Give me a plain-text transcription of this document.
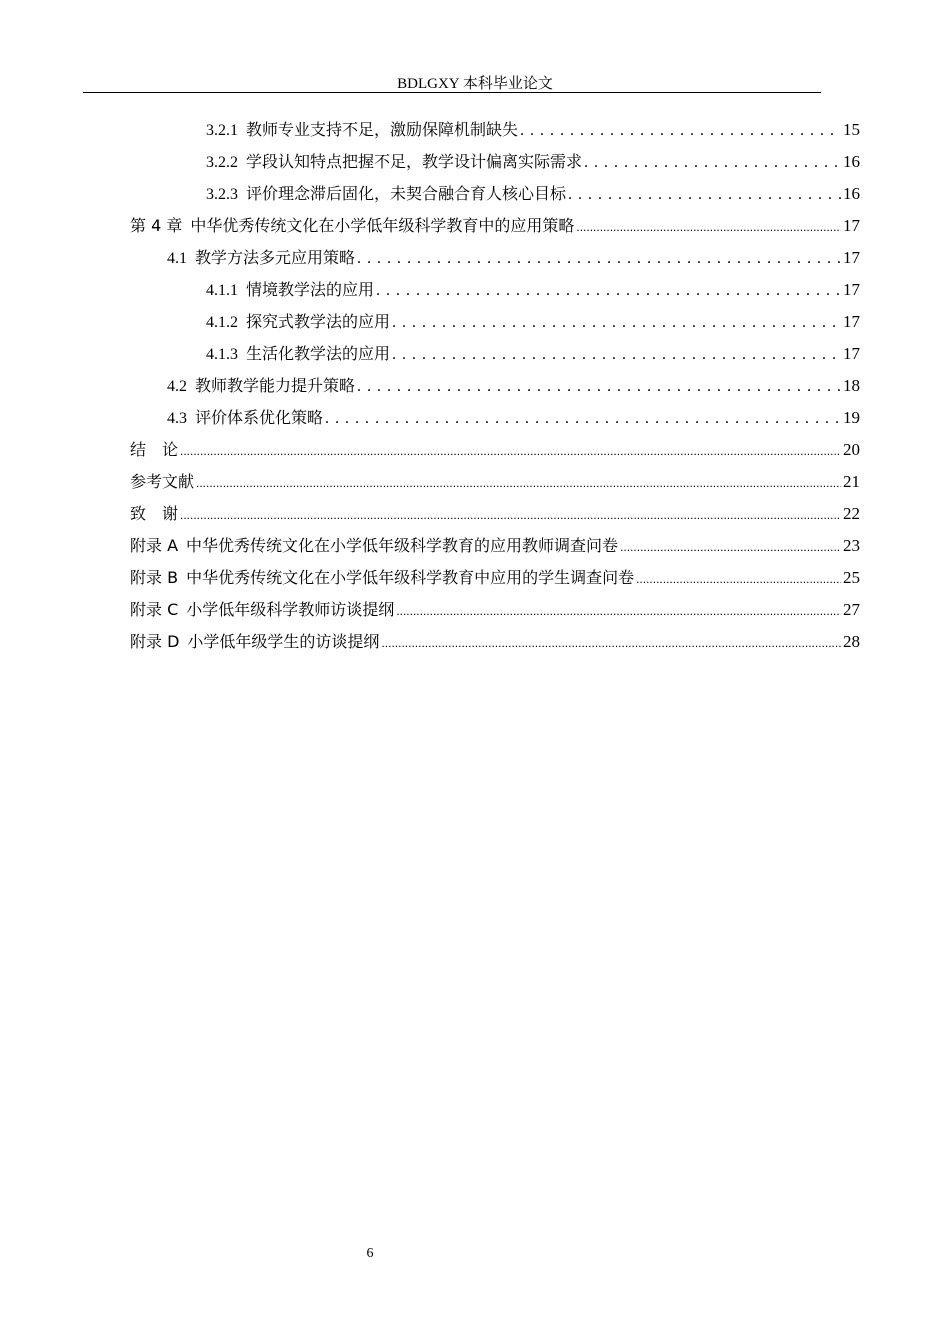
BDLGXY 本科毕业论文
3.2.1 教师专业支持不足，激励保障机制缺失 . . .	15
3.2.2 学段认知特点把握不足，教学设计偏离实际需求 . . .	16
3.2.3 评价理念滞后固化，未契合融合育人核心目标 . . .	16
第 4 章 中华优秀传统文化在小学低年级科学教育中的应用策略 .....	17
4.1 教学方法多元应用策略 . . .	17
4.1.1 情境教学法的应用 . . .	17
4.1.2 探究式教学法的应用 . . .	17
4.1.3 生活化教学法的应用 . . .	17
4.2 教师教学能力提升策略 . . .	18
4.3 评价体系优化策略 . . .	19
结　论 .....	20
参考文献 .....	21
致　谢 .....	22
附录 A 中华优秀传统文化在小学低年级科学教育的应用教师调查问卷 .....	23
附录 B 中华优秀传统文化在小学低年级科学教育中应用的学生调查问卷 .....	25
附录 C 小学低年级科学教师访谈提纲 .....	27
附录 D 小学低年级学生的访谈提纲 .....	28
6
